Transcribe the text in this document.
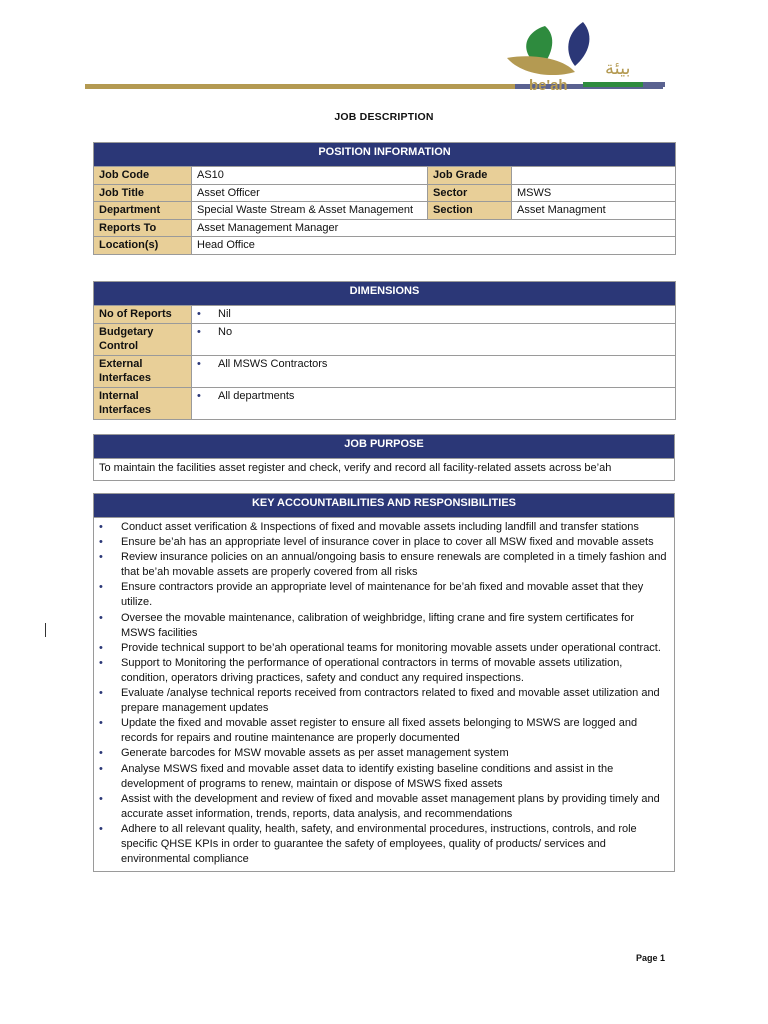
be'ah
بيئة
JOB DESCRIPTION
POSITION INFORMATION			
Job Code	AS10	Job Grade	
Job Title	Asset Officer	Sector	MSWS
Department	Special Waste Stream & Asset Management	Section	Asset Managment
Reports To	Asset Management Manager		
Location(s)	Head Office		
DIMENSIONS	
No of Reports	• Nil
Budgetary Control	• No
External Interfaces	• All MSWS Contractors
Internal Interfaces	• All departments
JOB PURPOSE
To maintain the facilities asset register and check, verify and record all facility-related assets across be’ah
KEY ACCOUNTABILITIES AND RESPONSIBILITIES

• Conduct asset verification & Inspections of fixed and movable assets including landfill and transfer stations
• Ensure be’ah has an appropriate level of insurance cover in place to cover all MSW fixed and movable assets
• Review insurance policies on an annual/ongoing basis to ensure renewals are completed in a timely fashion and that be’ah movable assets are properly covered from all risks
• Ensure contractors provide an appropriate level of maintenance for be’ah fixed and movable asset that they utilize.
• Oversee the movable maintenance, calibration of weighbridge, lifting crane and fire system certificates for MSWS facilities
• Provide technical support to be’ah operational teams for monitoring movable assets under operational contract.
• Support to Monitoring the performance of operational contractors in terms of movable assets utilization, condition, operators driving practices, safety and conduct any required inspections.
• Evaluate /analyse technical reports received from contractors related to fixed and movable asset utilization and prepare management updates
• Update the fixed and movable asset register to ensure all fixed assets belonging to MSWS are logged and records for repairs and routine maintenance are properly documented
• Generate barcodes for MSW movable assets as per asset management system
• Analyse MSWS fixed and movable asset data to identify existing baseline conditions and assist in the development of programs to renew, maintain or dispose of MSWS fixed assets
• Assist with the development and review of fixed and movable asset management plans by providing timely and accurate asset information, trends, reports, data analysis, and recommendations
• Adhere to all relevant quality, health, safety, and environmental procedures, instructions, controls, and role specific QHSE KPIs in order to guarantee the safety of employees, quality of products/ services and environmental compliance
Page 1
